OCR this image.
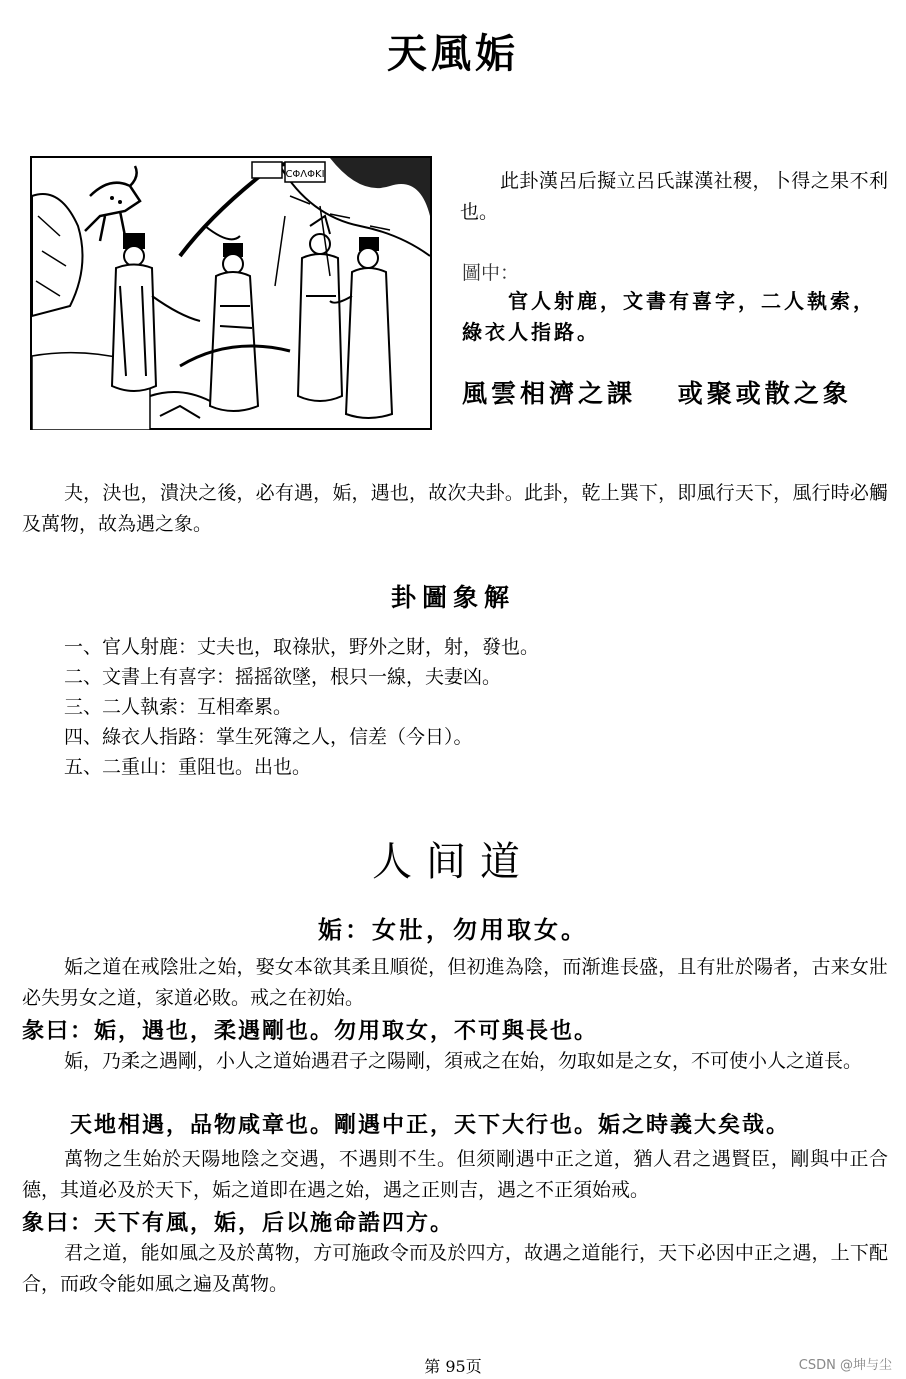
天風姤
CΦΛΦΚΙ	此卦漢呂后擬立呂氏謀漢社稷，卜得之果不利也。
圖中：
官人射鹿，文書有喜字，二人執索，綠衣人指路。
風雲相濟之課　 或聚或散之象
夬，決也，潰決之後，必有遇，姤，遇也，故次夬卦。此卦，乾上巽下，即風行天下，風行時必觸及萬物，故為遇之象。
卦圖象解
一、官人射鹿：丈夫也，取祿狀，野外之財，射，發也。
二、文書上有喜字：摇摇欲墜，根只一線，夫妻凶。
三、二人執索：互相牽累。
四、綠衣人指路：掌生死簿之人，信差（今日）。
五、二重山：重阻也。出也。
人间道
姤：女壯，勿用取女。
姤之道在戒陰壯之始，娶女本欲其柔且順從，但初進為陰，而渐進長盛，且有壯於陽者，古来女壯必失男女之道，家道必敗。戒之在初始。
彖曰：姤，遇也，柔遇剛也。勿用取女，不可與長也。
姤，乃柔之遇剛，小人之道始遇君子之陽剛，須戒之在始，勿取如是之女，不可使小人之道長。
天地相遇，品物咸章也。剛遇中正，天下大行也。姤之時義大矣哉。
萬物之生始於天陽地陰之交遇，不遇則不生。但须剛遇中正之道，猶人君之遇賢臣，剛與中正合德，其道必及於天下，姤之道即在遇之始，遇之正则吉，遇之不正須始戒。
象曰：天下有風，姤，后以施命誥四方。
君之道，能如風之及於萬物，方可施政令而及於四方，故遇之道能行，天下必因中正之遇，上下配合，而政令能如風之遍及萬物。
第 95页	CSDN @坤与尘
